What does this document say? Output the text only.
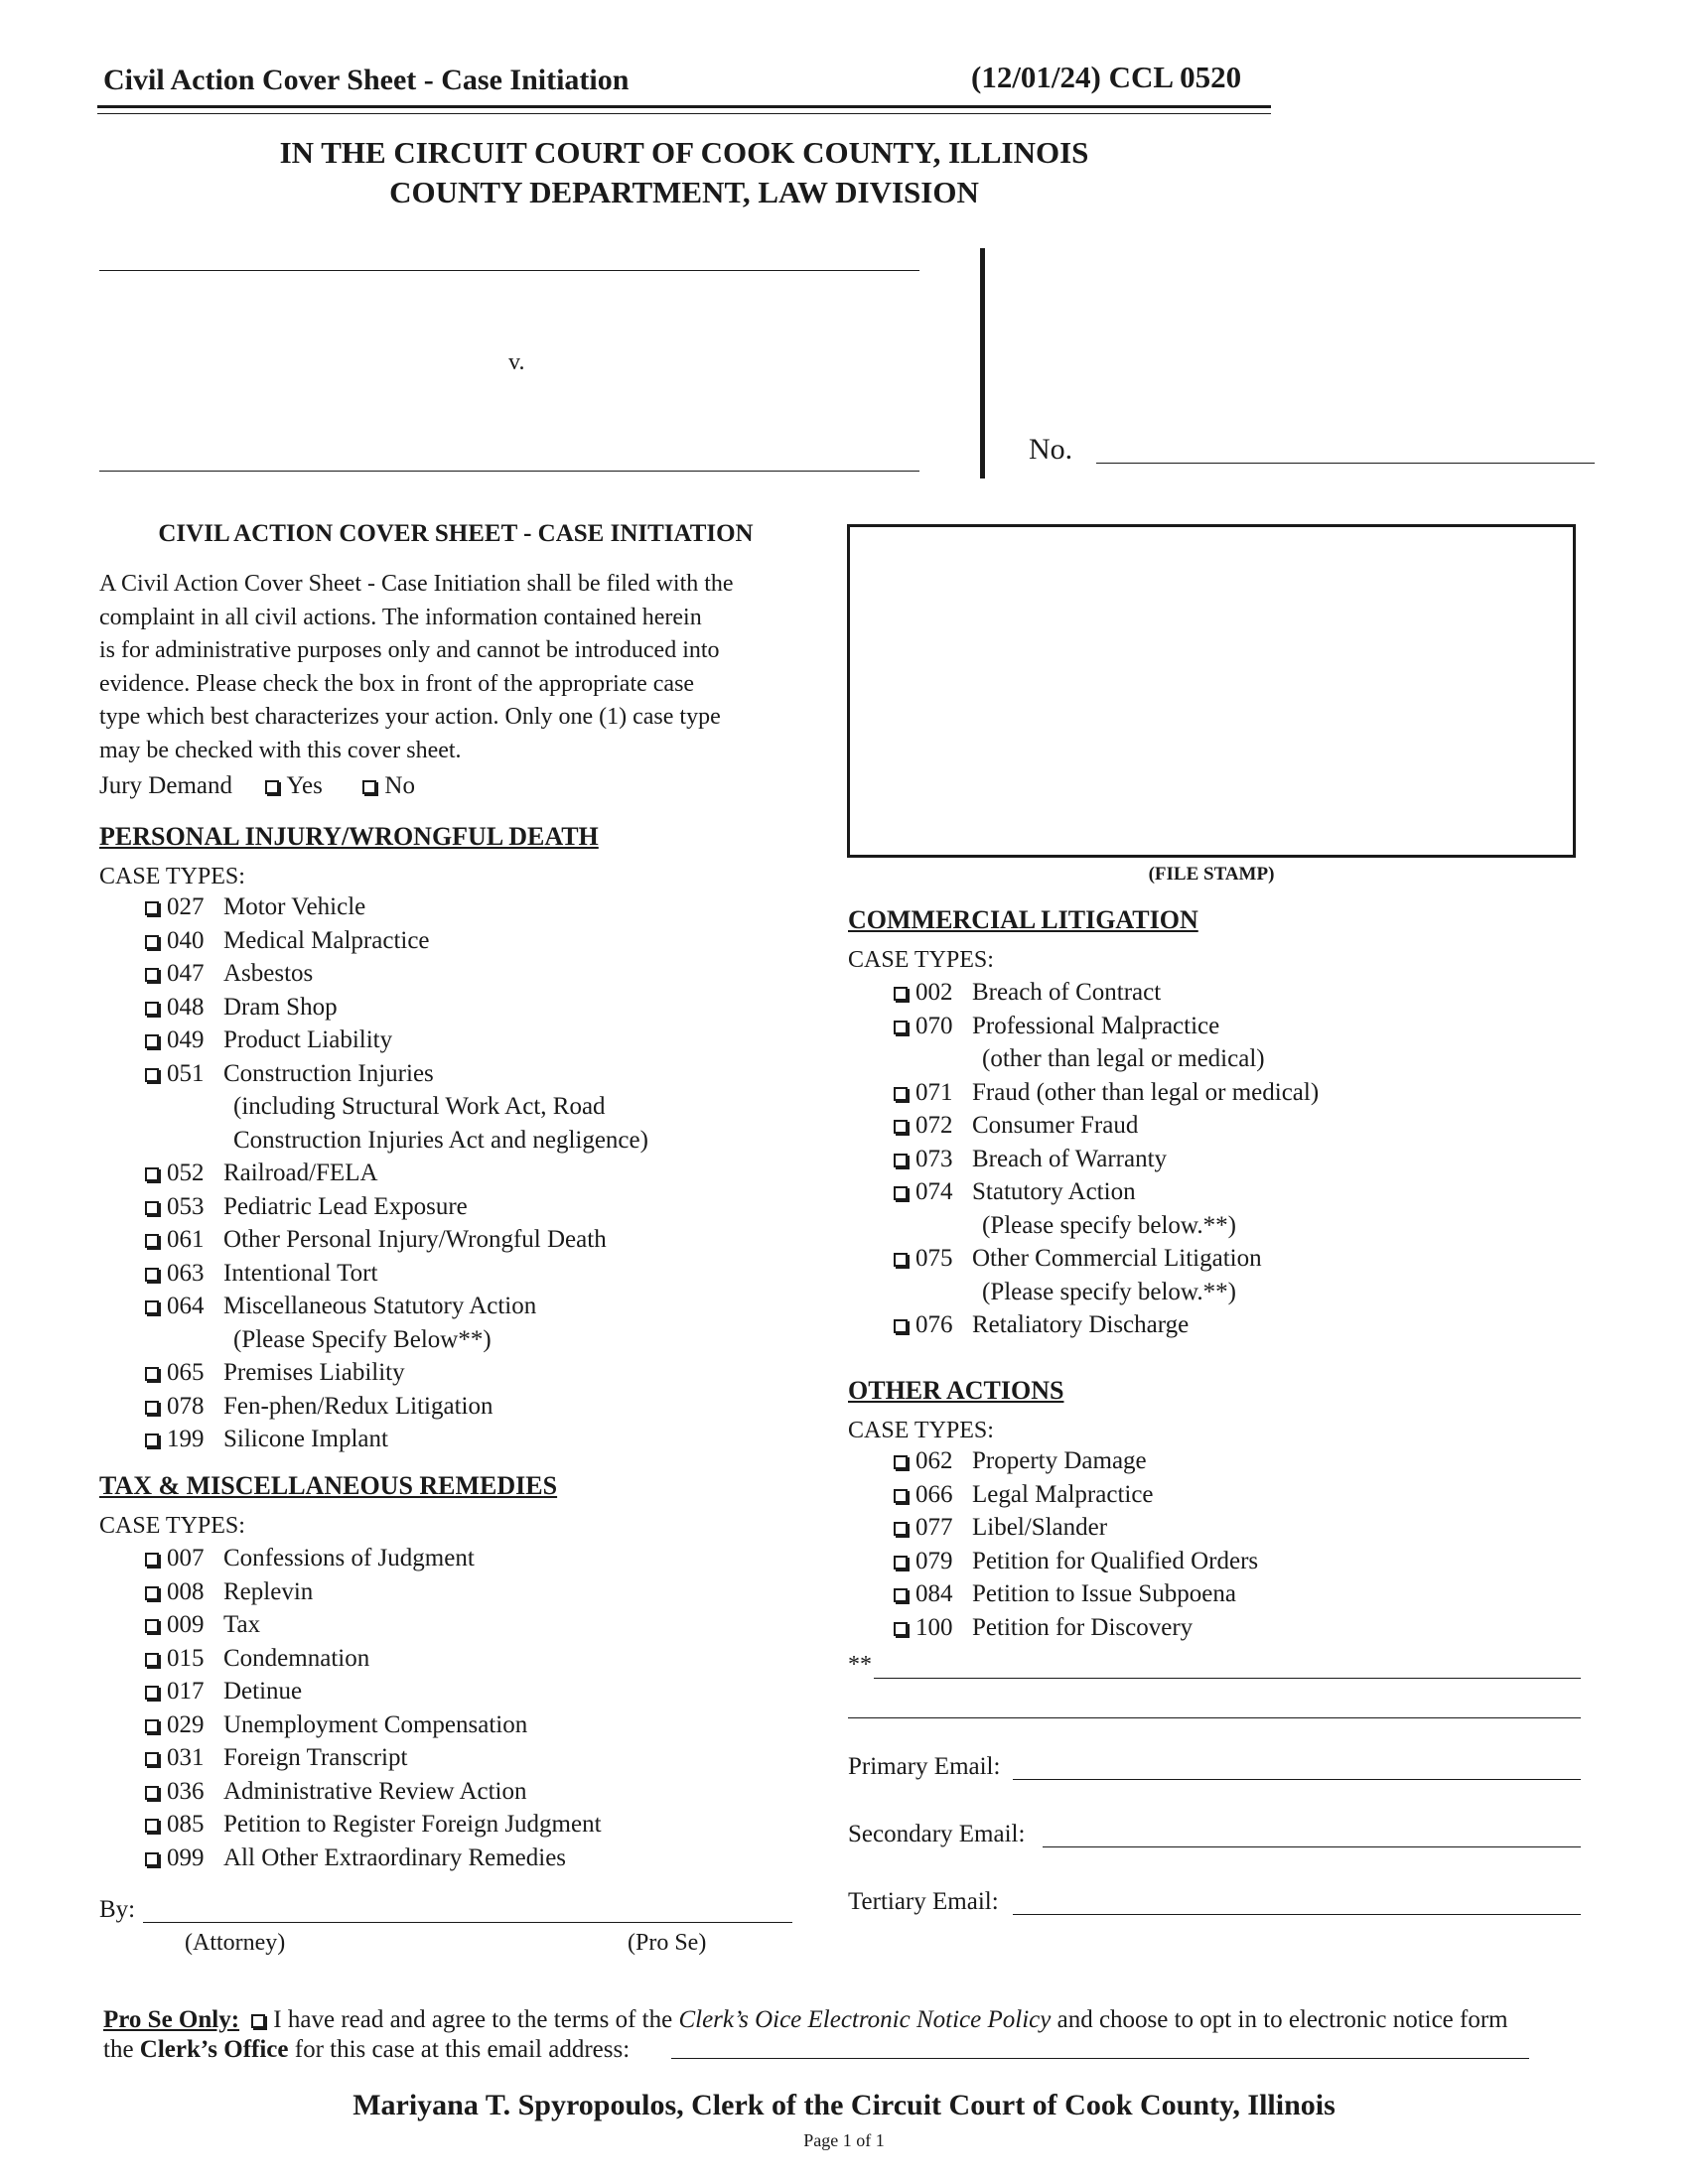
Civil Action Cover Sheet - Case Initiation	(12/01/24) CCL 0520
IN THE CIRCUIT COURT OF COOK COUNTY, ILLINOIS
COUNTY DEPARTMENT, LAW DIVISION
v.
No.
(FILE STAMP)
CIVIL ACTION COVER SHEET - CASE INITIATION

A Civil Action Cover Sheet - Case Initiation shall be filed with the

complaint in all civil actions. The information contained herein

is for administrative purposes only and cannot be introduced into

evidence. Please check the box in front of the appropriate case

type which best characterizes your action. Only one (1) case type

may be checked with this cover sheet.

Jury Demand Yes	No
PERSONAL INJURY/WRONGFUL DEATH
CASE TYPES:
027 Motor Vehicle
040 Medical Malpractice
047 Asbestos
048 Dram Shop
049 Product Liability
051 Construction Injuries
(including Structural Work Act, Road
Construction Injuries Act and negligence)
052 Railroad/FELA
053 Pediatric Lead Exposure
061 Other Personal Injury/Wrongful Death
063 Intentional Tort
064 Miscellaneous Statutory Action
(Please Specify Below**)
065 Premises Liability
078 Fen-phen/Redux Litigation
199 Silicone Implant
TAX & MISCELLANEOUS REMEDIES
CASE TYPES:
007 Confessions of Judgment
008 Replevin
009 Tax
015 Condemnation
017 Detinue
029 Unemployment Compensation
031 Foreign Transcript
036 Administrative Review Action
085 Petition to Register Foreign Judgment
099 All Other Extraordinary Remedies
COMMERCIAL LITIGATION
CASE TYPES:
002 Breach of Contract
070 Professional Malpractice
(other than legal or medical)
071 Fraud (other than legal or medical)
072 Consumer Fraud
073 Breach of Warranty
074 Statutory Action
(Please specify below.**)
075 Other Commercial Litigation
(Please specify below.**)
076 Retaliatory Discharge
OTHER ACTIONS
CASE TYPES:
062 Property Damage
066 Legal Malpractice
077 Libel/Slander
079 Petition for Qualified Orders
084 Petition to Issue Subpoena
100 Petition for Discovery
**
Primary Email:
Secondary Email:
Tertiary Email:
By:
(Attorney)	(Pro Se)
Pro Se Only: I have read and agree to the terms of the Clerk’s Oice Electronic Notice Policy and choose to opt in to electronic notice form
the Clerk’s Office for this case at this email address:
Mariyana T. Spyropoulos, Clerk of the Circuit Court of Cook County, Illinois
Page 1 of 1
